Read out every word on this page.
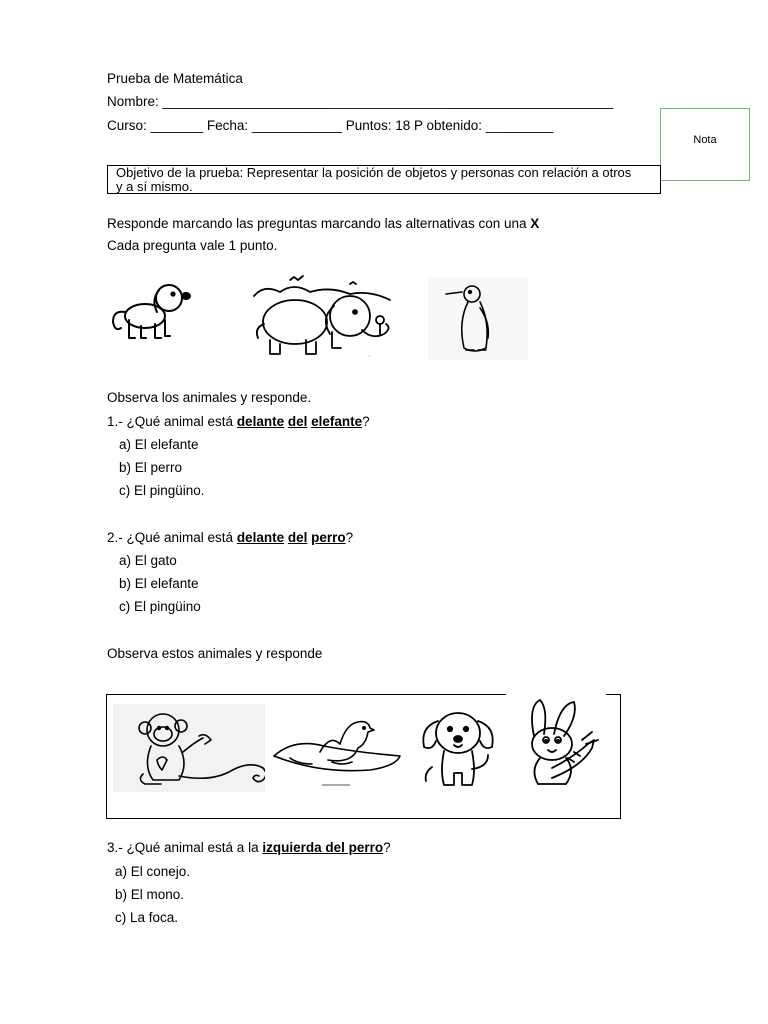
Prueba de Matemática
Nombre: ____________________________________________________________
Curso: _______ Fecha: ____________ Puntos: 18 P obtenido: _________
Nota
Objetivo de la prueba: Representar la posición de objetos y personas con relación a otros y a sí mismo.
Responde marcando las preguntas marcando las alternativas con una X
Cada pregunta vale 1 punto.
~
Observa los animales y responde.
1.- ¿Qué animal está delante del elefante?
a) El elefante
b) El perro
c) El pingüino.
2.- ¿Qué animal está delante del perro?
a) El gato
b) El elefante
c) El pingüino
Observa estos animales y responde
3.- ¿Qué animal está a la izquierda del perro?
a) El conejo.
b) El mono.
c) La foca.
